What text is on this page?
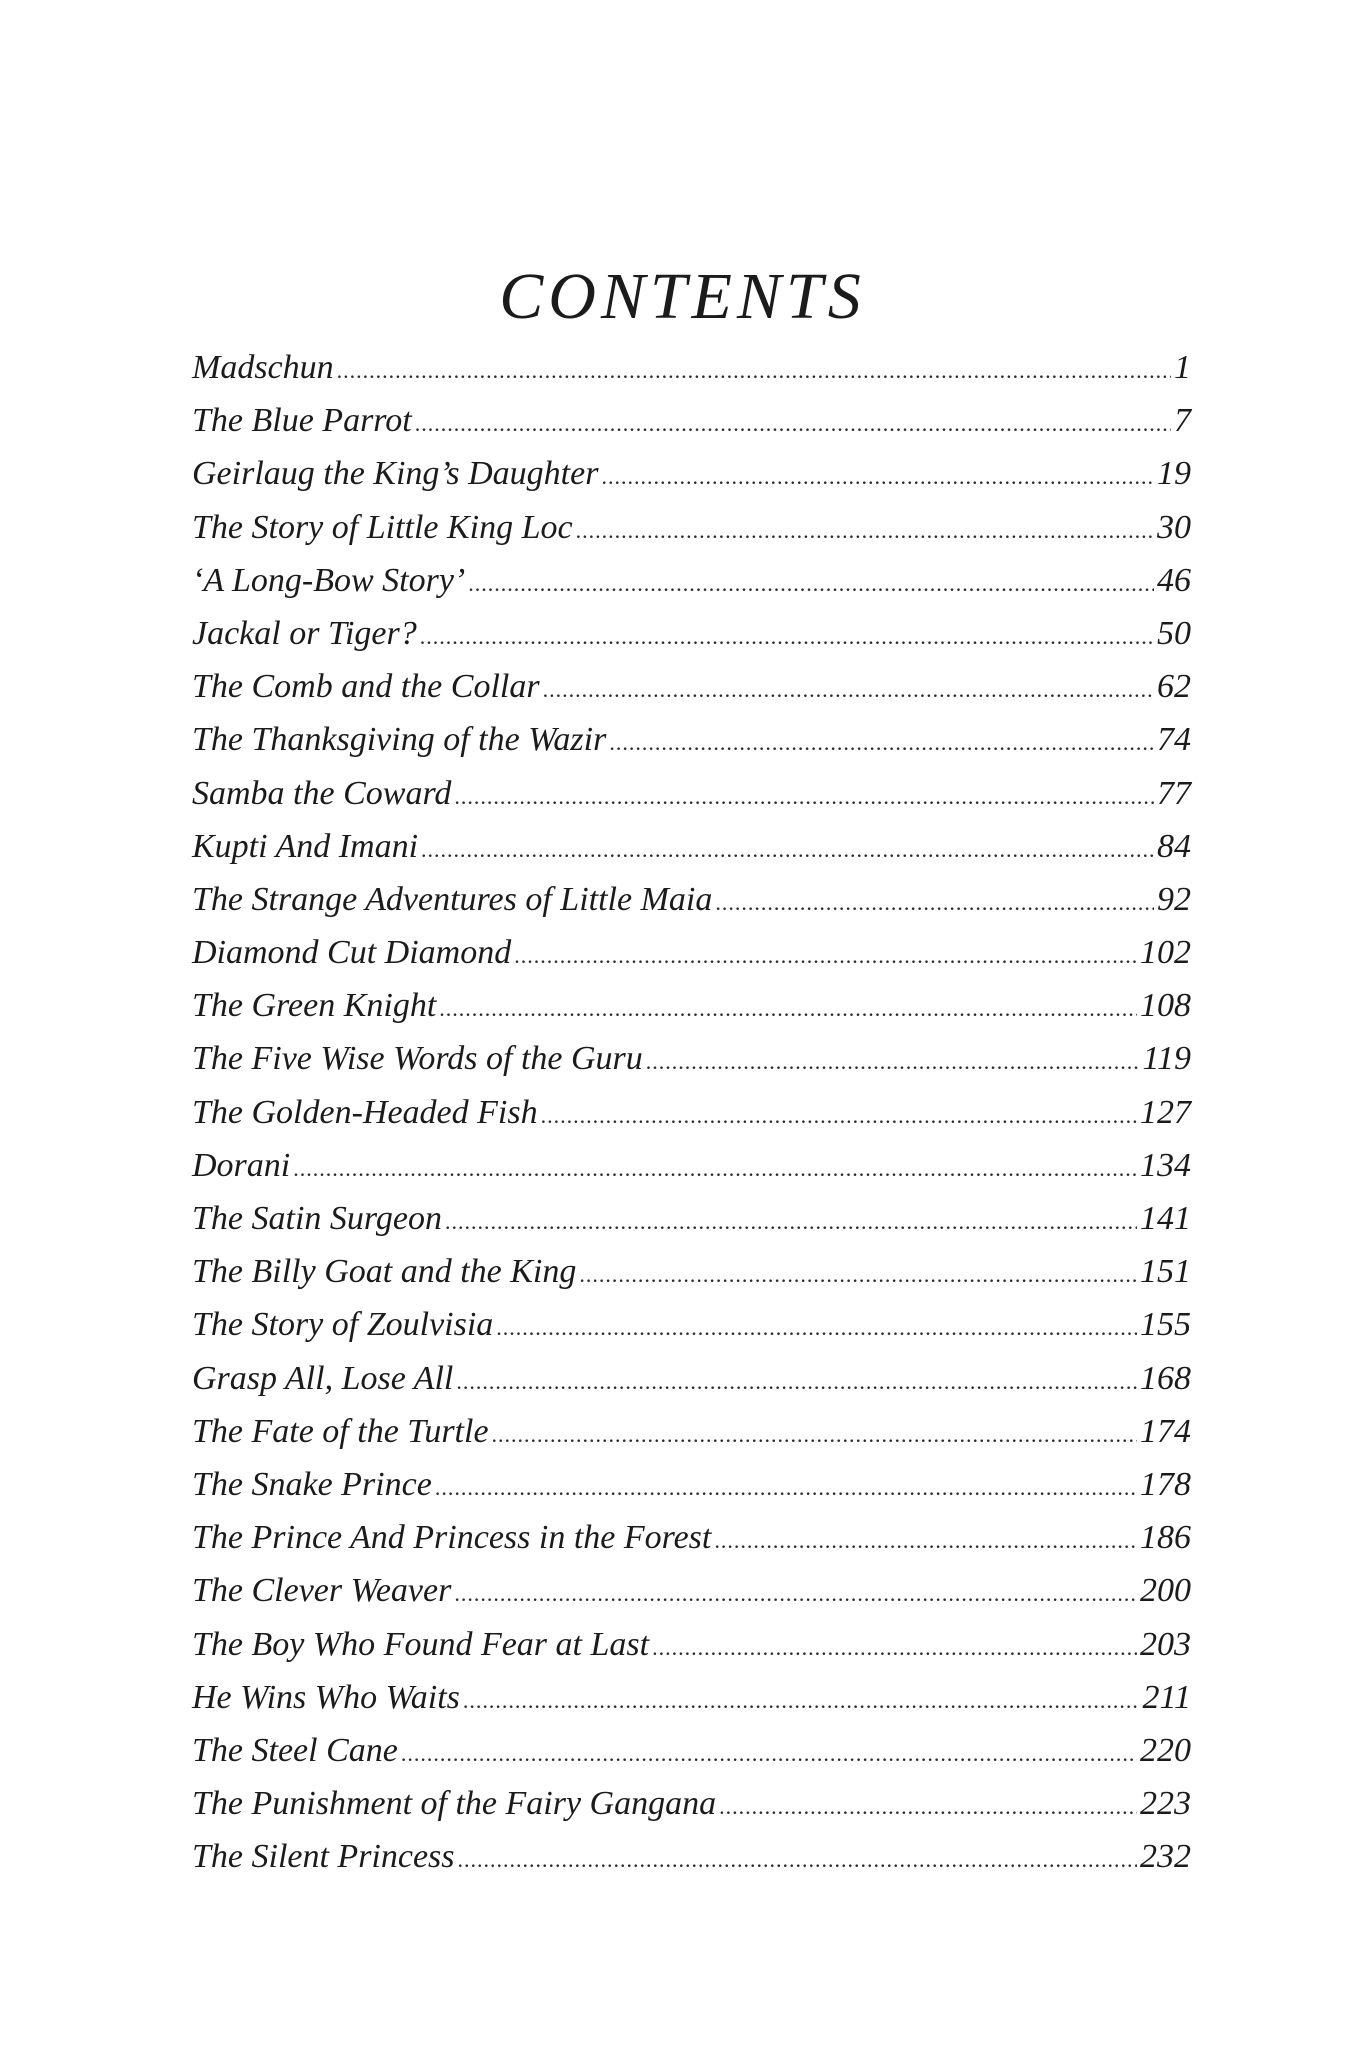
CONTENTS
Madschun .....	1
The Blue Parrot .....	7
Geirlaug the King’s Daughter .....	19
The Story of Little King Loc .....	30
‘A Long-Bow Story’ .....	46
Jackal or Tiger? .....	50
The Comb and the Collar .....	62
The Thanksgiving of the Wazir .....	74
Samba the Coward .....	77
Kupti And Imani .....	84
The Strange Adventures of Little Maia .....	92
Diamond Cut Diamond .....	102
The Green Knight .....	108
The Five Wise Words of the Guru .....	119
The Golden-Headed Fish .....	127
Dorani .....	134
The Satin Surgeon .....	141
The Billy Goat and the King .....	151
The Story of Zoulvisia .....	155
Grasp All, Lose All .....	168
The Fate of the Turtle .....	174
The Snake Prince .....	178
The Prince And Princess in the Forest .....	186
The Clever Weaver .....	200
The Boy Who Found Fear at Last .....	203
He Wins Who Waits .....	211
The Steel Cane .....	220
The Punishment of the Fairy Gangana .....	223
The Silent Princess .....	232
